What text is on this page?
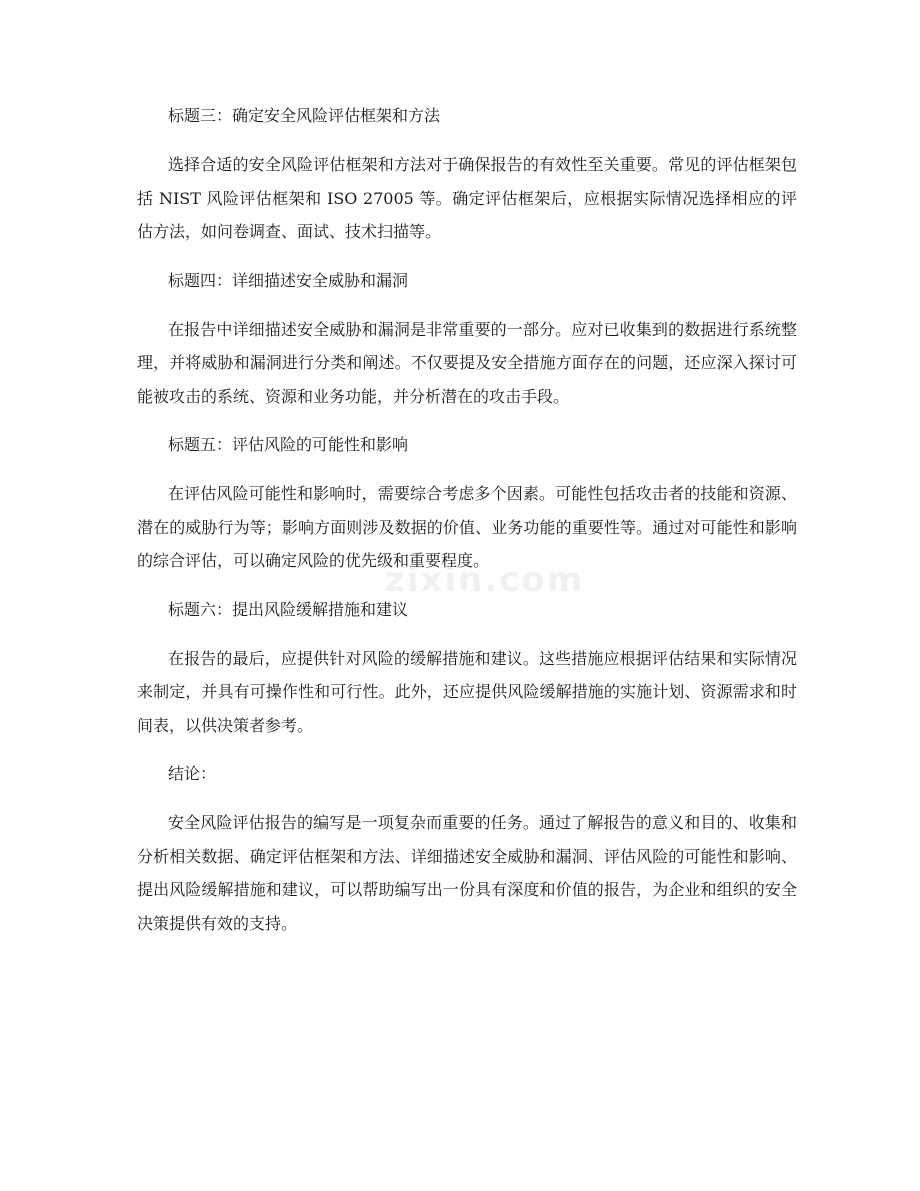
标题三：确定安全风险评估框架和方法
选择合适的安全风险评估框架和方法对于确保报告的有效性至关重要。常见的评估框架包括 NIST 风险评估框架和 ISO 27005 等。确定评估框架后，应根据实际情况选择相应的评估方法，如问卷调查、面试、技术扫描等。
标题四：详细描述安全威胁和漏洞
在报告中详细描述安全威胁和漏洞是非常重要的一部分。应对已收集到的数据进行系统整理，并将威胁和漏洞进行分类和阐述。不仅要提及安全措施方面存在的问题，还应深入探讨可能被攻击的系统、资源和业务功能，并分析潜在的攻击手段。
标题五：评估风险的可能性和影响
在评估风险可能性和影响时，需要综合考虑多个因素。可能性包括攻击者的技能和资源、潜在的威胁行为等；影响方面则涉及数据的价值、业务功能的重要性等。通过对可能性和影响的综合评估，可以确定风险的优先级和重要程度。
标题六：提出风险缓解措施和建议
在报告的最后，应提供针对风险的缓解措施和建议。这些措施应根据评估结果和实际情况来制定，并具有可操作性和可行性。此外，还应提供风险缓解措施的实施计划、资源需求和时间表，以供决策者参考。
结论：
安全风险评估报告的编写是一项复杂而重要的任务。通过了解报告的意义和目的、收集和分析相关数据、确定评估框架和方法、详细描述安全威胁和漏洞、评估风险的可能性和影响、提出风险缓解措施和建议，可以帮助编写出一份具有深度和价值的报告，为企业和组织的安全决策提供有效的支持。
zixin.com
